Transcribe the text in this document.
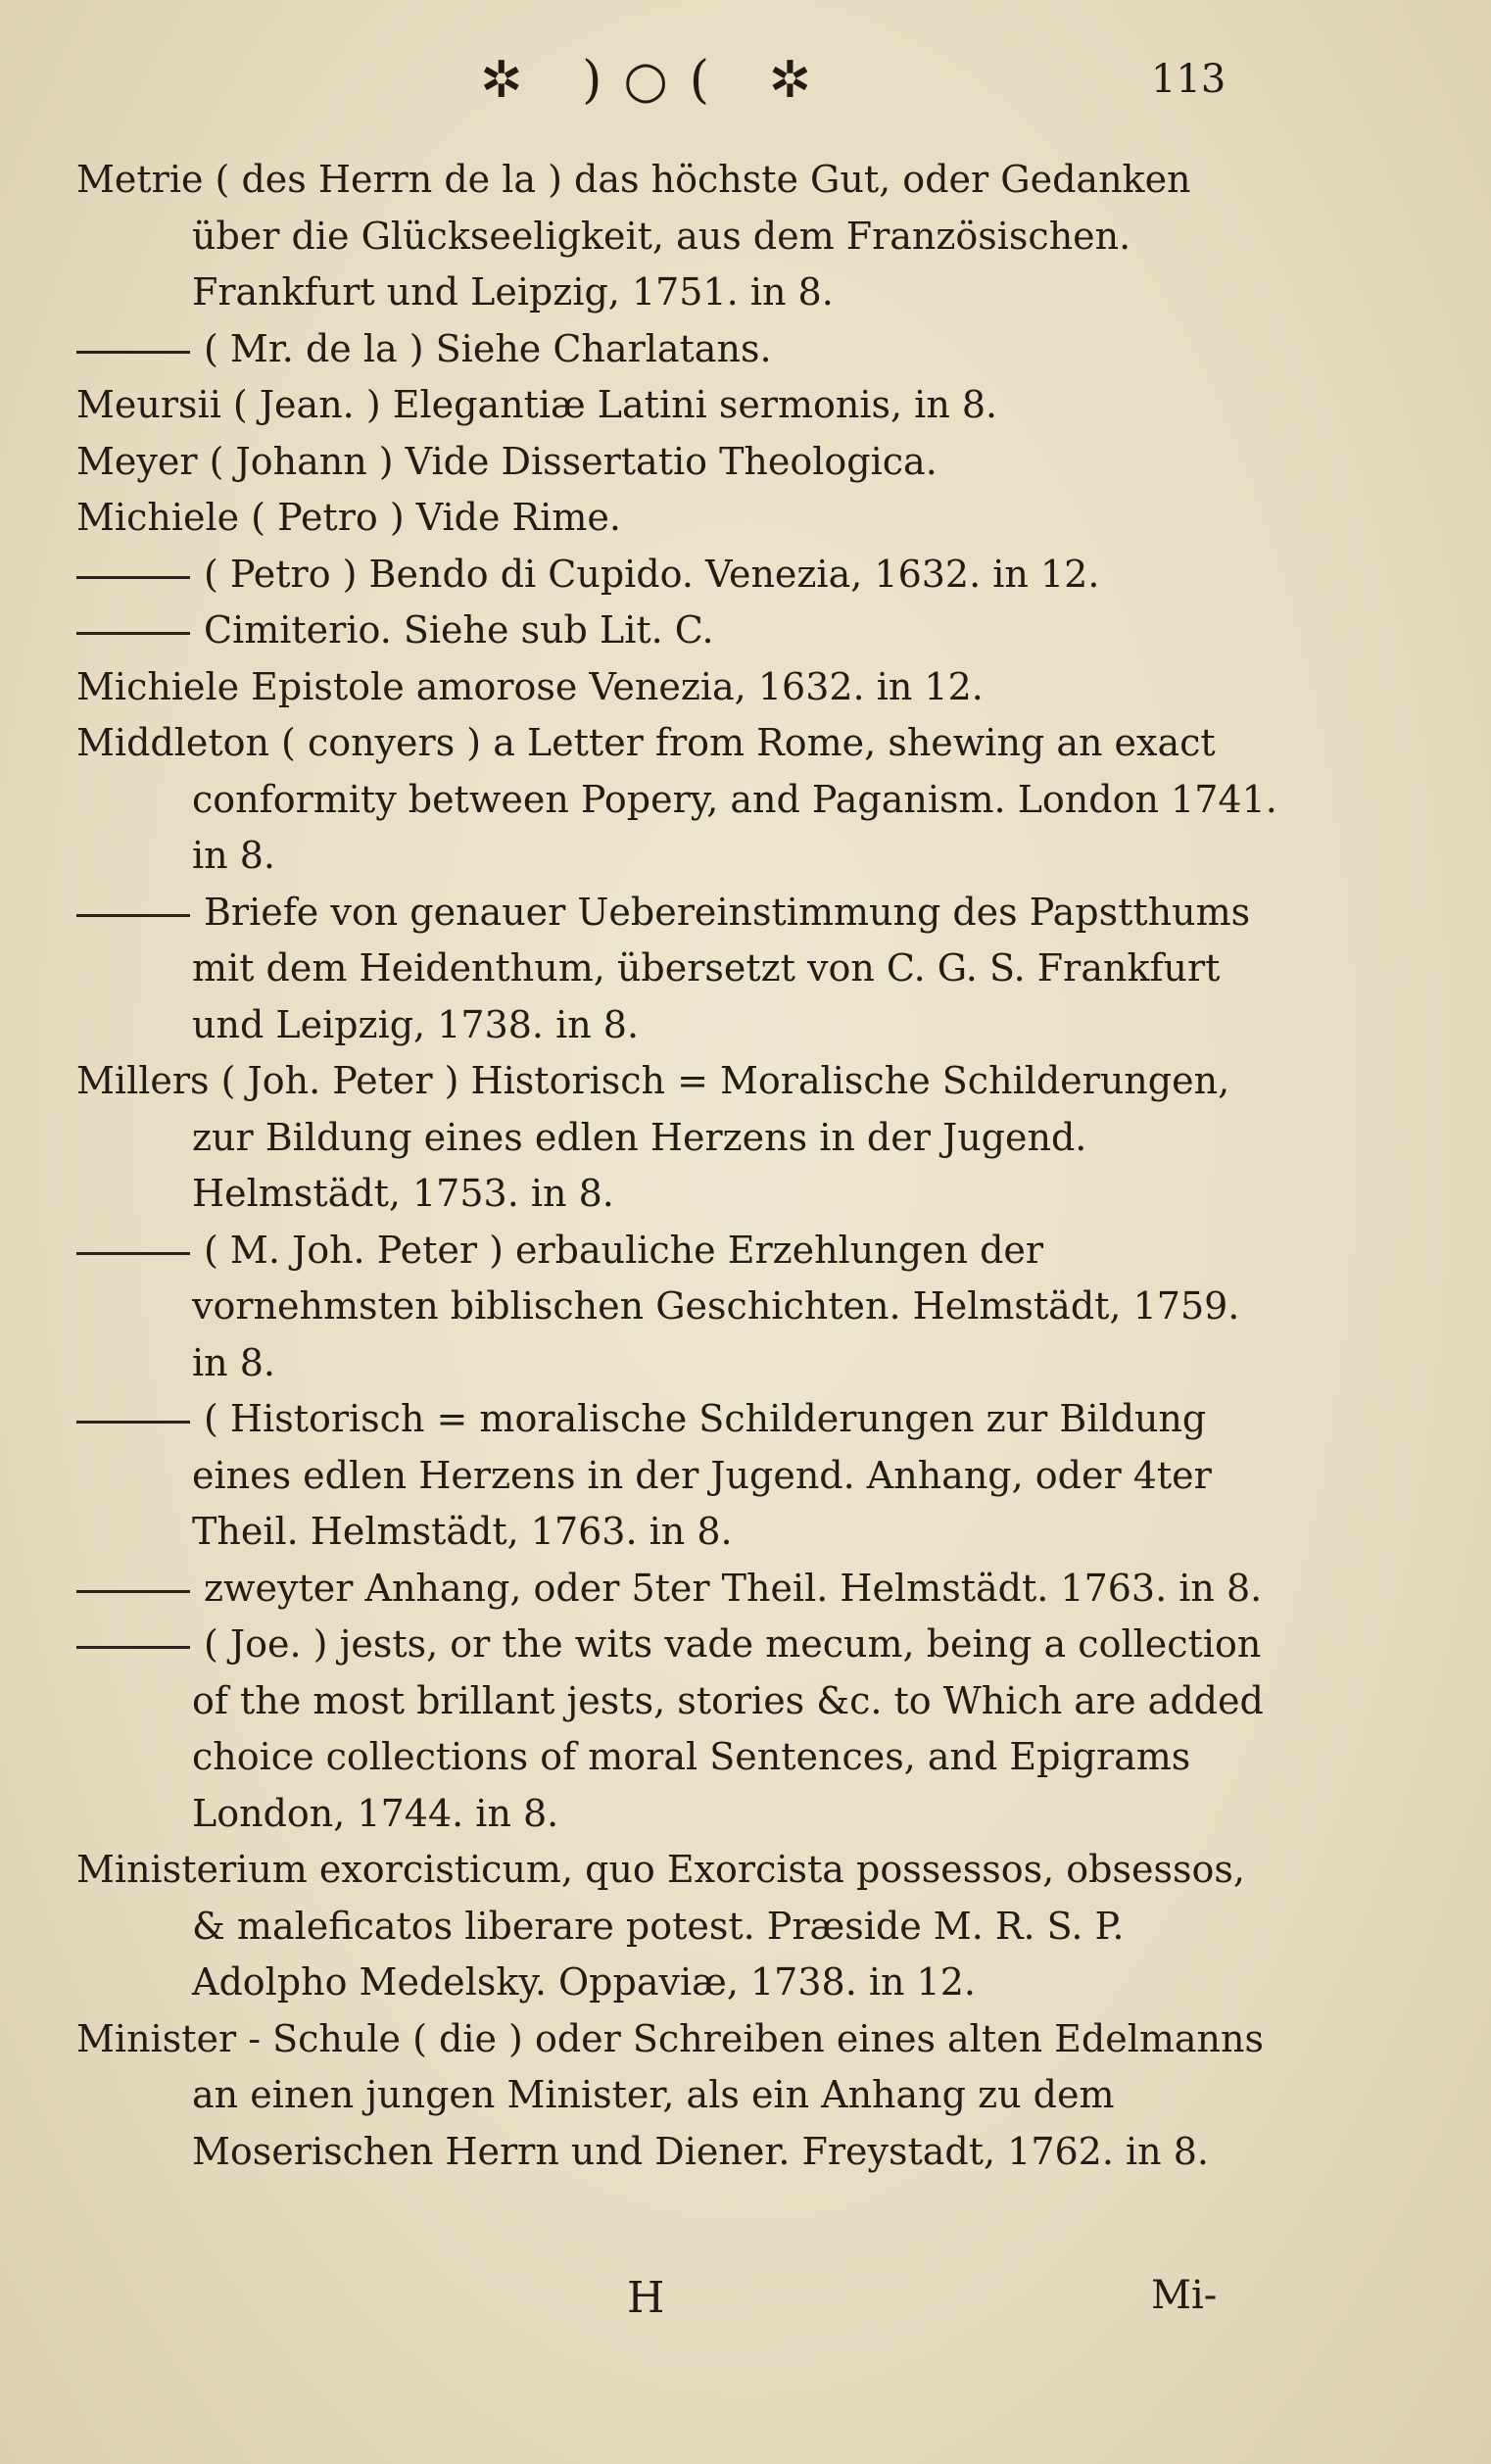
✲ )○( ✲	113
Metrie ( des Herrn de la ) das höchste Gut, oder Gedanken über die Glückseeligkeit, aus dem Französischen. Frankfurt und Leipzig, 1751. in 8.
( Mr. de la ) Siehe Charlatans.
Meursii ( Jean. ) Elegantiæ Latini sermonis, in 8.
Meyer ( Johann ) Vide Dissertatio Theologica.
Michiele ( Petro ) Vide Rime.
( Petro ) Bendo di Cupido. Venezia, 1632. in 12.
Cimiterio. Siehe sub Lit. C.
Michiele Epistole amorose Venezia, 1632. in 12.
Middleton ( conyers ) a Letter from Rome, shewing an exact conformity between Popery, and Paganism. London 1741. in 8.
Briefe von genauer Uebereinstimmung des Papstthums mit dem Heidenthum, übersetzt von C. G. S. Frankfurt und Leipzig, 1738. in 8.
Millers ( Joh. Peter ) Historisch = Moralische Schilderungen, zur Bildung eines edlen Herzens in der Jugend. Helmstädt, 1753. in 8.
( M. Joh. Peter ) erbauliche Erzehlungen der vornehmsten biblischen Geschichten. Helmstädt, 1759. in 8.
( Historisch = moralische Schilderungen zur Bildung eines edlen Herzens in der Jugend. Anhang, oder 4ter Theil. Helmstädt, 1763. in 8.
zweyter Anhang, oder 5ter Theil. Helmstädt. 1763. in 8.
( Joe. ) jests, or the wits vade mecum, being a collection of the most brillant jests, stories &c. to Which are added choice collections of moral Sentences, and Epigrams London, 1744. in 8.
Ministerium exorcisticum, quo Exorcista possessos, obsessos, & maleficatos liberare potest. Præside M. R. S. P. Adolpho Medelsky. Oppaviæ, 1738. in 12.
Minister - Schule ( die ) oder Schreiben eines alten Edelmanns an einen jungen Minister, als ein Anhang zu dem Moserischen Herrn und Diener. Freystadt, 1762. in 8.
H	Mi-
